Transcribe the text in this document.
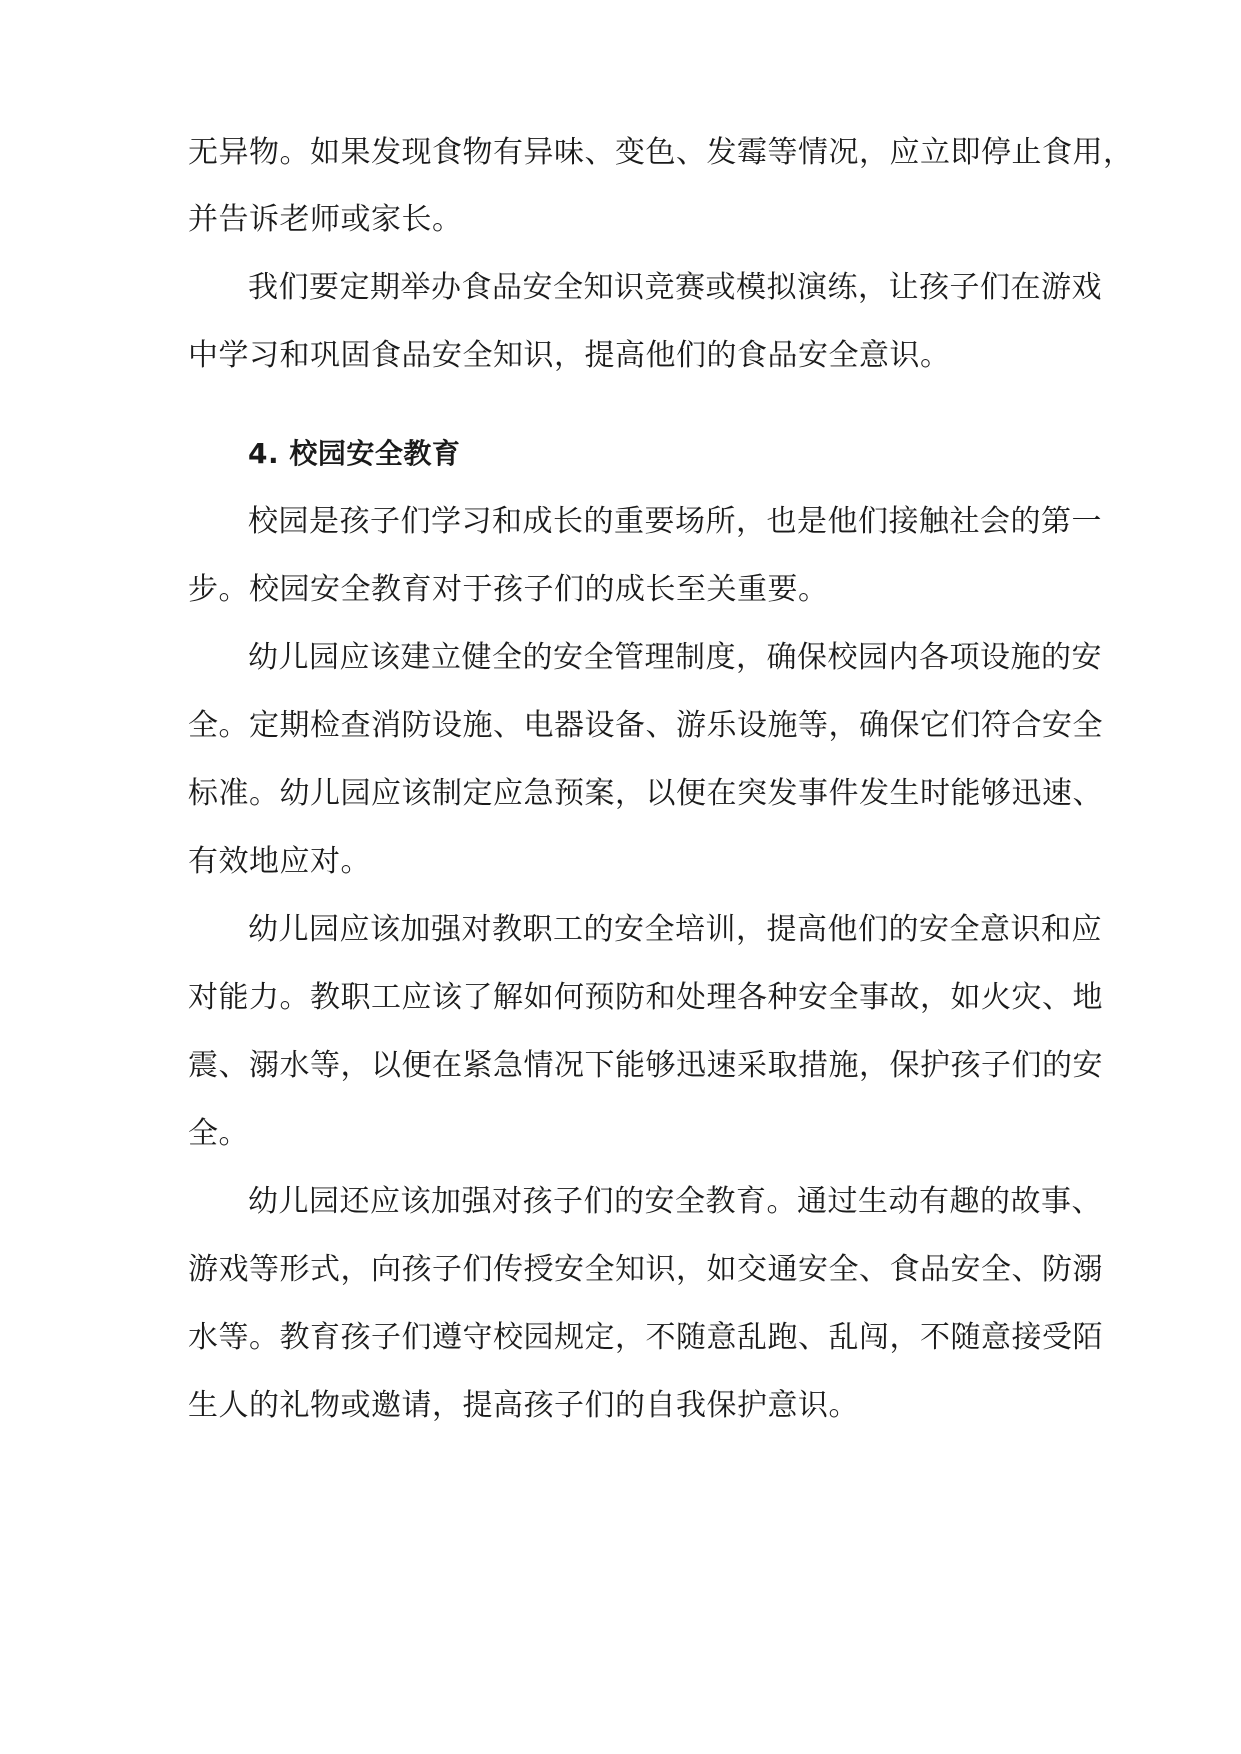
无异物。如果发现食物有异味、变色、发霉等情况，应立即停止食用，
并告诉老师或家长。
我们要定期举办食品安全知识竞赛或模拟演练，让孩子们在游戏
中学习和巩固食品安全知识，提高他们的食品安全意识。
4. 校园安全教育
校园是孩子们学习和成长的重要场所，也是他们接触社会的第一
步。校园安全教育对于孩子们的成长至关重要。
幼儿园应该建立健全的安全管理制度，确保校园内各项设施的安
全。定期检查消防设施、电器设备、游乐设施等，确保它们符合安全
标准。幼儿园应该制定应急预案，以便在突发事件发生时能够迅速、
有效地应对。
幼儿园应该加强对教职工的安全培训，提高他们的安全意识和应
对能力。教职工应该了解如何预防和处理各种安全事故，如火灾、地
震、溺水等，以便在紧急情况下能够迅速采取措施，保护孩子们的安
全。
幼儿园还应该加强对孩子们的安全教育。通过生动有趣的故事、
游戏等形式，向孩子们传授安全知识，如交通安全、食品安全、防溺
水等。教育孩子们遵守校园规定，不随意乱跑、乱闯，不随意接受陌
生人的礼物或邀请，提高孩子们的自我保护意识。
